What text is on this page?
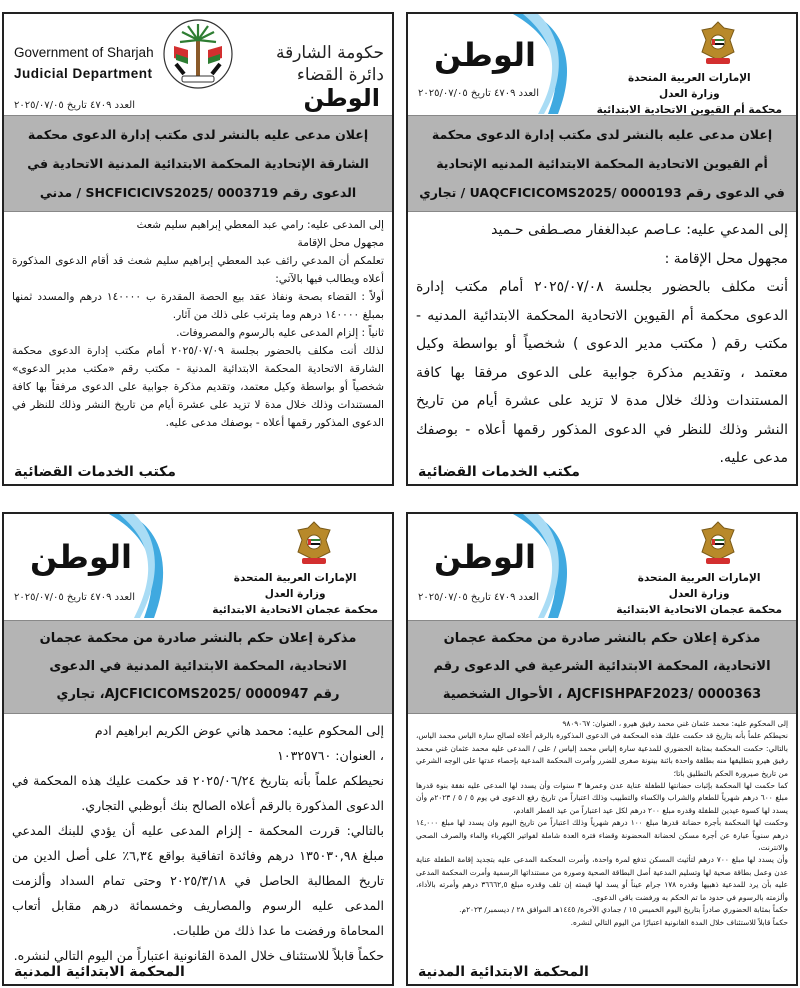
الإمارات العربية المتحدة
وزارة العدل
محكمة أم القيوين الاتحادية الابتدائية
الوطن
العدد ٤٧٠٩ تاريخ ٢٠٢٥/٠٧/٠٥
إعلان مدعى عليه بالنشر لدى مكتب إدارة الدعوى محكمة
أم القيوين الاتحادية المحكمة الابتدائية المدنيه الإتحادية
في الدعوى رقم UAQCFICICOMS2025/ 0000193 / تجاري

إلى المدعي عليه: عـاصم عبدالغفار مصـطفى حـميد

مجهول محل الإقامة :

أنت مكلف بالحضور بجلسة ٢٠٢٥/٠٧/٠٨ أمام مكتب إدارة الدعوى محكمة أم القيوين الاتحادية المحكمة الابتدائية المدنيه - مكتب رقم ( مكتب مدير الدعوى ) شخصياً أو بواسطة وكيل معتمد ، وتقديم مذكرة جوابية على الدعوى مرفقا بها كافة المستندات وذلك خلال مدة لا تزيد على عشرة أيام من تاريخ النشر وذلك للنظر في الدعوى المذكور رقمها أعلاه - بوصفك مدعى عليه.

مكتب الخدمات القضائية
Government of Sharjah
Judicial Department
حكومة الشارقة
دائرة القضاء
الوطن
العدد ٤٧٠٩ تاريخ ٢٠٢٥/٠٧/٠٥
إعلان مدعى عليه بالنشر لدى مكتب إدارة الدعوى محكمة
الشارقة الإتحادية المحكمة الابتدائية المدنية الاتحادية في
الدعوى رقم SHCFICICIVS2025/ 0003719 / مدني

إلى المدعى عليه: رامي عبد المعطي إبراهيم سليم شعث

مجهول محل الإقامة

تعلمكم أن المدعي رائف عبد المعطي إبراهيم سليم شعث قد أقام الدعوى المذكورة أعلاه ويطالب فيها بالآتي:

أولاً : القضاء بصحة ونفاذ عقد بيع الحصة المقدرة ب ١٤٠٠٠٠ درهم والمسدد ثمنها بمبلغ ١٤٠٠٠٠ درهم وما يترتب على ذلك من آثار.

ثانياً : إلزام المدعى عليه بالرسوم والمصروفات.

لذلك أنت مكلف بالحضور بجلسة ٢٠٢٥/٠٧/٠٩ أمام مكتب إدارة الدعوى محكمة الشارقة الاتحادية المحكمة الابتدائية المدنية - مكتب رقم «مكتب مدير الدعوى» شخصياً أو بواسطة وكيل معتمد، وتقديم مذكرة جوابية على الدعوى مرفقاً بها كافة المستندات وذلك خلال مدة لا تزيد على عشرة أيام من تاريخ النشر وذلك للنظر في الدعوى المذكور رقمها أعلاه - بوصفك مدعى عليه.

مكتب الخدمات القضائية
الإمارات العربية المتحدة
وزارة العدل
محكمة عجمان الاتحادية الابتدائية
الوطن
العدد ٤٧٠٩ تاريخ ٢٠٢٥/٠٧/٠٥
مذكرة إعلان حكم بالنشر صادرة من محكمة عجمان
الاتحادية، المحكمة الابتدائية الشرعية في الدعوى رقم
AJCFISHPAF2023/ 0000363 ، الأحوال الشخصية

إلى المحكوم عليه: محمد عثمان غني محمد رفيق هيرو ، العنوان: ٩٨٠٩٠٦٧

نحيطكم علماً بأنه بتاريخ قد حكمت عليك هذه المحكمة في الدعوى المذكورة بالرقم أعلاه لصالح سارة الياس محمد الياس، بالتالي: حكمت المحكمة بمثابة الحضوري للمدعية سارة إلياس محمد إلياس / على / المدعى عليه محمد عثمان غني محمد رفيق هيرو بتطليقها منه بطلقة واحدة بائنة بينونة صغرى للضرر وأمرت المحكمة المدعية بإحصاء عدتها على الوجه الشرعي من تاريخ صيرورة الحكم بالتطليق باتا؛

كما حكمت لها المحكمة بإثبات حضانتها للطفلة عناية عدن وعمرها ٣ سنوات وأن يسدد لها المدعى عليه نفقة بنوة قدرها مبلغ ٦٠٠ درهم شهرياً للطعام والشراب والكساء والتطبيب وذلك اعتباراً من تاريخ رفع الدعوى في يوم ٥ / ٥ / ٢٠٢٣م وأن يسدد لها كسوة عيدين للطفلة وقدره مبلغ ٢٠٠ درهم لكل عيد اعتباراً من عيد الفطر القادم،

وحكمت لها المحكمة بأجرة حضانة قدرها مبلغ ١٠٠ درهم شهرياً وذلك اعتباراً من تاريخ اليوم وان يسدد لها مبلغ ١٤,٠٠٠ درهم سنوياً عبارة عن أجرة مسكن لحضانة المحضونة وقضاء فترة العدة شاملة لفواتير الكهرباء والماء والصرف الصحي والانترنت،

وأن يسدد لها مبلغ ٧٠٠ درهم لتأثيث المسكن تدفع لمرة واحدة، وأمرت المحكمة المدعى عليه بتجديد إقامة الطفلة عناية عدن وعمل بطاقة صحية لها وتسليم المدعية أصل البطاقة الصحية وصورة من مستنداتها الرسمية وأمرت المحكمة المدعى عليه بأن يرد للمدعية ذهبيها وقدره ١٧٨ جرام عيناً أو يسد لها قيمته إن تلف وقدره مبلغ ٣٦٦٦٢,٥ درهم وأمرته بالأداء، وألزمته بالرسوم في حدود ما تم الحكم به ورفضت باقي الدعوى.

حكماً بمثابة الحضوري صادراً بتاريخ اليوم الخميس ١٥ / جمادي الآخرة/ ١٤٤٥هـ الموافق ٢٨ / ديسمبر/ ٢٠٢٣م.

حكماً قابلاً للاستئناف خلال المدة القانونية اعتبارًا من اليوم التالي لنشره.

المحكمة الابتدائية المدنية
الإمارات العربية المتحدة
وزارة العدل
محكمة عجمان الاتحادية الابتدائية
الوطن
العدد ٤٧٠٩ تاريخ ٢٠٢٥/٠٧/٠٥
مذكرة إعلان حكم بالنشر صادرة من محكمة عجمان
الاتحادية، المحكمة الابتدائية المدنية في الدعوى
رقم AJCFICICOMS2025/ 0000947، تجاري

إلى المحكوم عليه: محمد هاني عوض الكريم ابراهيم ادم

، العنوان: ١٠٣٢٥٧٦٠

نحيطكم علماً بأنه بتاريخ ٢٠٢٥/٠٦/٢٤ قد حكمت عليك هذه المحكمة في الدعوى المذكورة بالرقم أعلاه الصالح بنك أبوظبي التجاري.

بالتالي: قررت المحكمة - إلزام المدعى عليه أن يؤدي للبنك المدعي مبلغ ١٣٥٠٣٠,٩٨ درهم وفائدة اتفاقية بواقع ٦,٣٤٪ على أصل الدين من تاريخ المطالبة الحاصل في ٢٠٢٥/٣/١٨ وحتى تمام السداد وألزمت المدعى عليه الرسوم والمصاريف وخمسمائة درهم مقابل أتعاب المحاماة ورفضت ما عدا ذلك من طلبات.

حكماً قابلاً للاستئناف خلال المدة القانونية اعتباراً من اليوم التالي لنشره.

المحكمة الابتدائية المدنية
